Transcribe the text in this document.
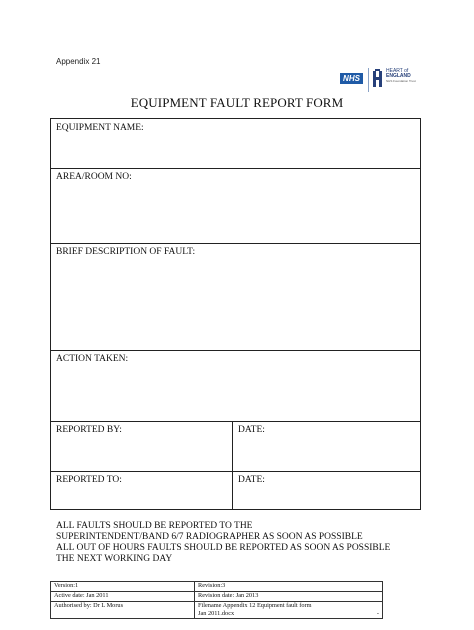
Appendix 21
NHS
HEART of
ENGLAND
NHS Foundation Trust
EQUIPMENT FAULT REPORT FORM
EQUIPMENT NAME:
AREA/ROOM NO:
BRIEF DESCRIPTION OF FAULT:
ACTION TAKEN:
REPORTED BY:	DATE:
REPORTED TO:	DATE:
ALL FAULTS SHOULD BE REPORTED TO THE
SUPERINTENDENT/BAND 6/7 RADIOGRAPHER AS SOON AS POSSIBLE
ALL OUT OF HOURS FAULTS SHOULD BE REPORTED AS SOON AS POSSIBLE
THE NEXT WORKING DAY
Version:1	Revision:3
Active date: Jan 2011	Revision date: Jan 2013
Authorised by: Dr L Morus	Filename Appendix 12 Equipment fault form
Jan 2011.docx -
